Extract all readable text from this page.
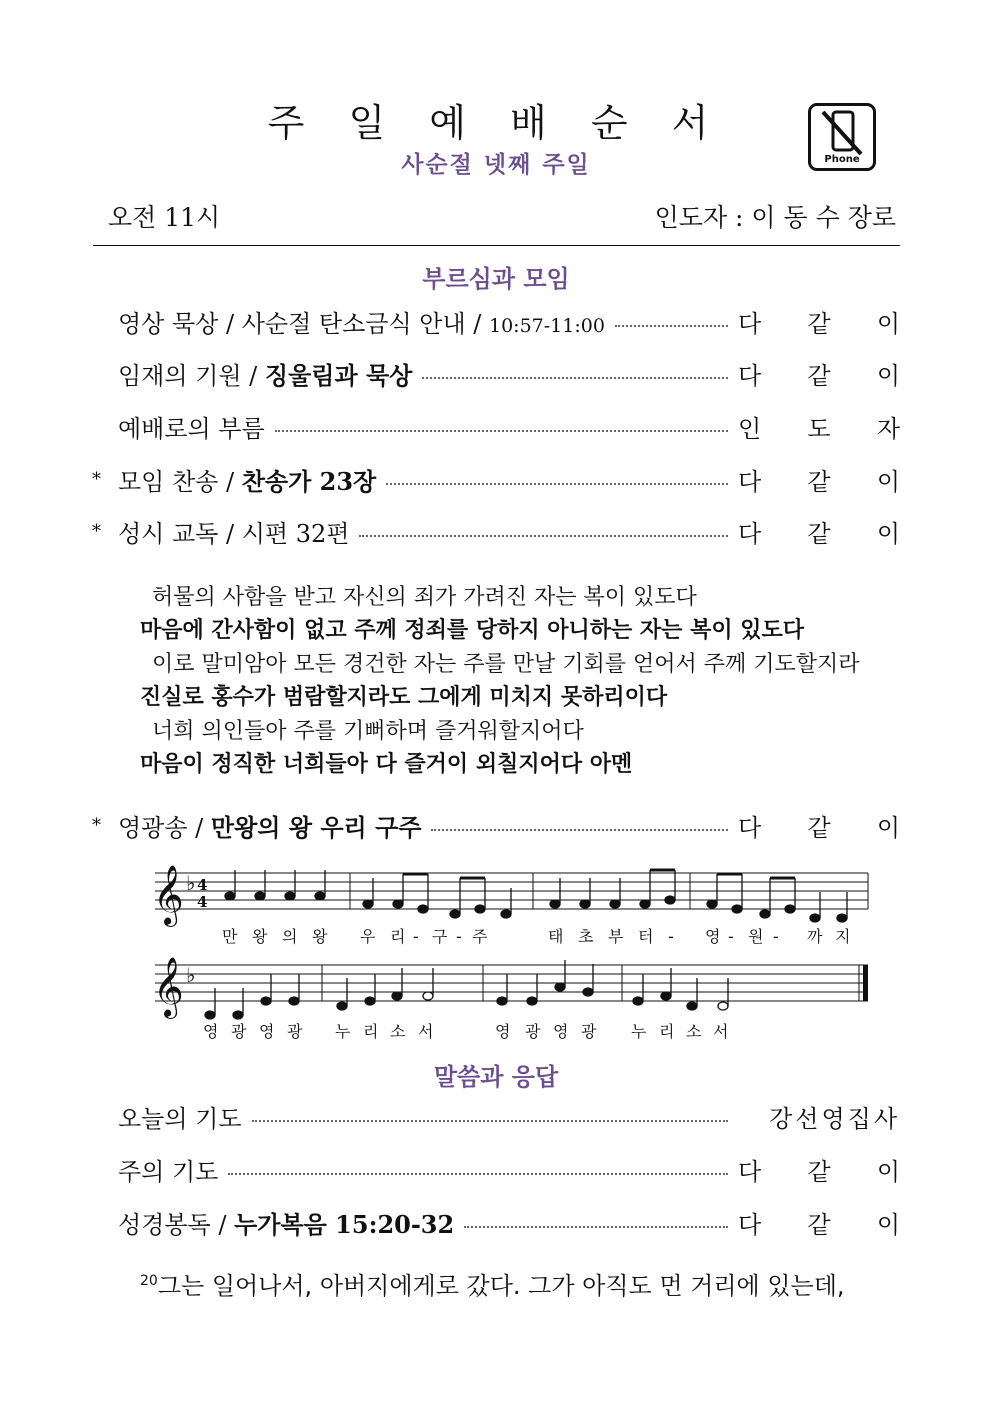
주 일 예 배 순 서
사순절 넷째 주일	Phone
오전 11시	인도자 : 이 동 수 장로
부르심과 모임
영상 묵상 / 사순절 탄소금식 안내 / 10:57-11:00	다 같 이
임재의 기원 / 징울림과 묵상	다 같 이
예배로의 부름	인 도 자
* 모임 찬송 / 찬송가 23장	다 같 이
* 성시 교독 / 시편 32편	다 같 이
허물의 사함을 받고 자신의 죄가 가려진 자는 복이 있도다
마음에 간사함이 없고 주께 정죄를 당하지 아니하는 자는 복이 있도다
이로 말미암아 모든 경건한 자는 주를 만날 기회를 얻어서 주께 기도할지라
진실로 홍수가 범람할지라도 그에게 미치지 못하리이다
너희 의인들아 주를 기뻐하며 즐거워할지어다
마음이 정직한 너희들아 다 즐거이 외칠지어다 아멘
* 영광송 / 만왕의 왕 우리 구주	다 같 이
𝄞
𝄞
♭
♭
4
4
만 왕 의 왕 우 리 - 구 - 주	태 초 부 터 - 영 - 원 - 까 지
영 광 영 광 누 리 소 서	영 광 영 광 누 리 소 서
말씀과 응답
오늘의 기도	강선영집사
주의 기도	다 같 이
성경봉독 / 누가복음 15:20-32	다 같 이
$^{20}$그는 일어나서, 아버지에게로 갔다. 그가 아직도 먼 거리에 있는데,
